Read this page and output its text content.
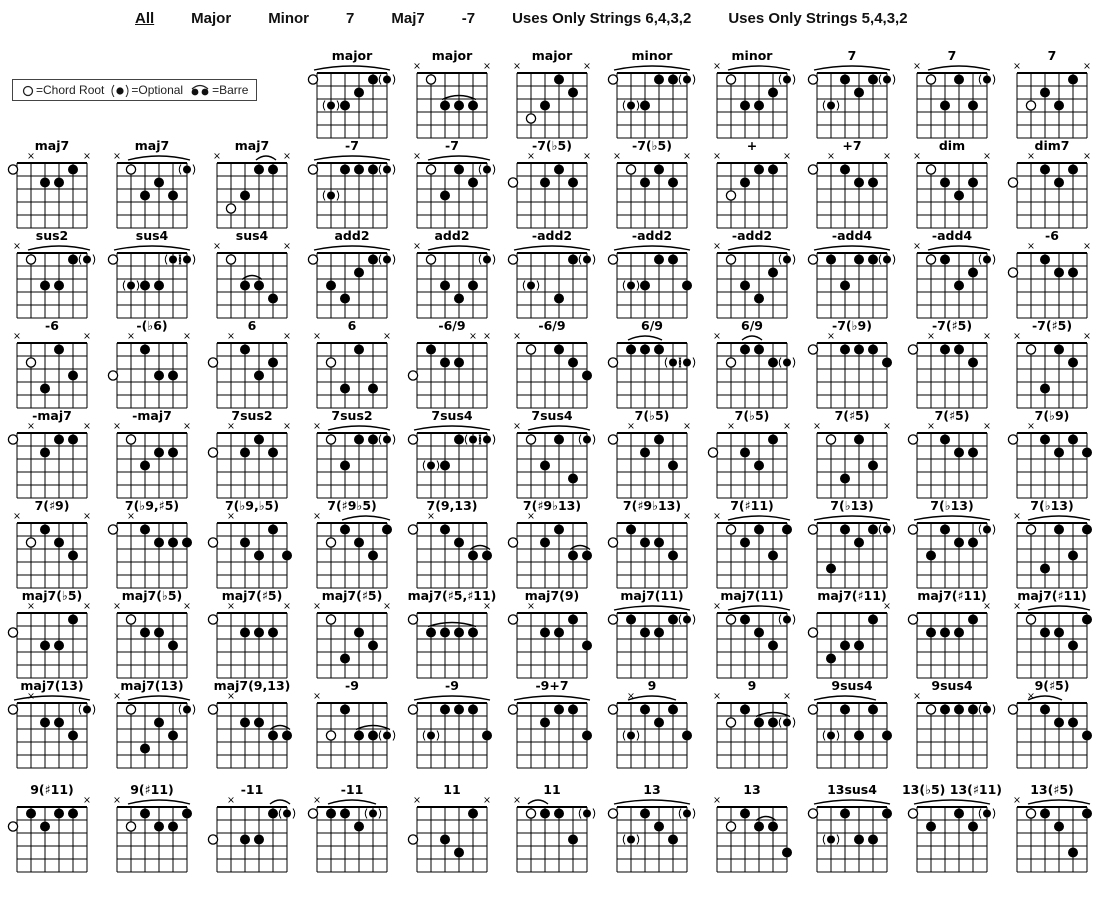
All Major Minor 7 Maj7 -7 Uses Only Strings 6,4,3,2 Uses Only Strings 5,4,3,2
=Chord Root =Optional =Barre
major	major
×	×
major
×	×
minor	minor
×
7	7
×
7
×	×
maj7
×	×
maj7
×
maj7
×	×
-7	-7
×
-7(♭5)
×	×
-7(♭5)
×	×
+
×	×
+7
×	×
dim
×	×
dim7
×	×
sus2
×
sus4	sus4
×	×
add2	add2
×
-add2	-add2	-add2
×
-add4	-add4
×
-6
×	×
-6
×	×
-(♭6)
×	×
6
×	×
6
×	×
-6/9
× ×
-6/9
×
6/9	6/9
×
-7(♭9)
×
-7(♯5)
×	×
-7(♯5)
×	×
-maj7
×	×
-maj7
×	×
7sus2
×	×
7sus2
×
7sus4	7sus4
×
7(♭5)
×	×
7(♭5)
×	×
7(♯5)
×	×
7(♯5)
×	×
7(♭9)
×
7(♯9)
×	×
7(♭9,♯5)
×
7(♭9,♭5)
×
7(♯9♭5)
×
7(9,13)
×
7(♯9♭13)
×
7(♯9♭13)
×
7(♯11)
×
7(♭13)	7(♭13)	7(♭13)
×
maj7(♭5)
×	×
maj7(♭5)
×	×
maj7(♯5)
×	×
maj7(♯5)
×	×
maj7(♯5,♯11)
×
maj7(9)
×
maj7(11)	maj7(11)
×
maj7(♯11)
×
maj7(♯11)
×
maj7(♯11)
×
maj7(13)
×
maj7(13)
×
maj7(9,13)
×
-9
×
-9	-9+7	9
×
9
×	×
9sus4	9sus4
×
9(♯5)
×
9(♯11)
×
9(♯11)
×
-11
×
-11
×
11
×	×
11
×
13	13
×
13sus4 13(♭5) 13(♯11) 13(♯5)
×
